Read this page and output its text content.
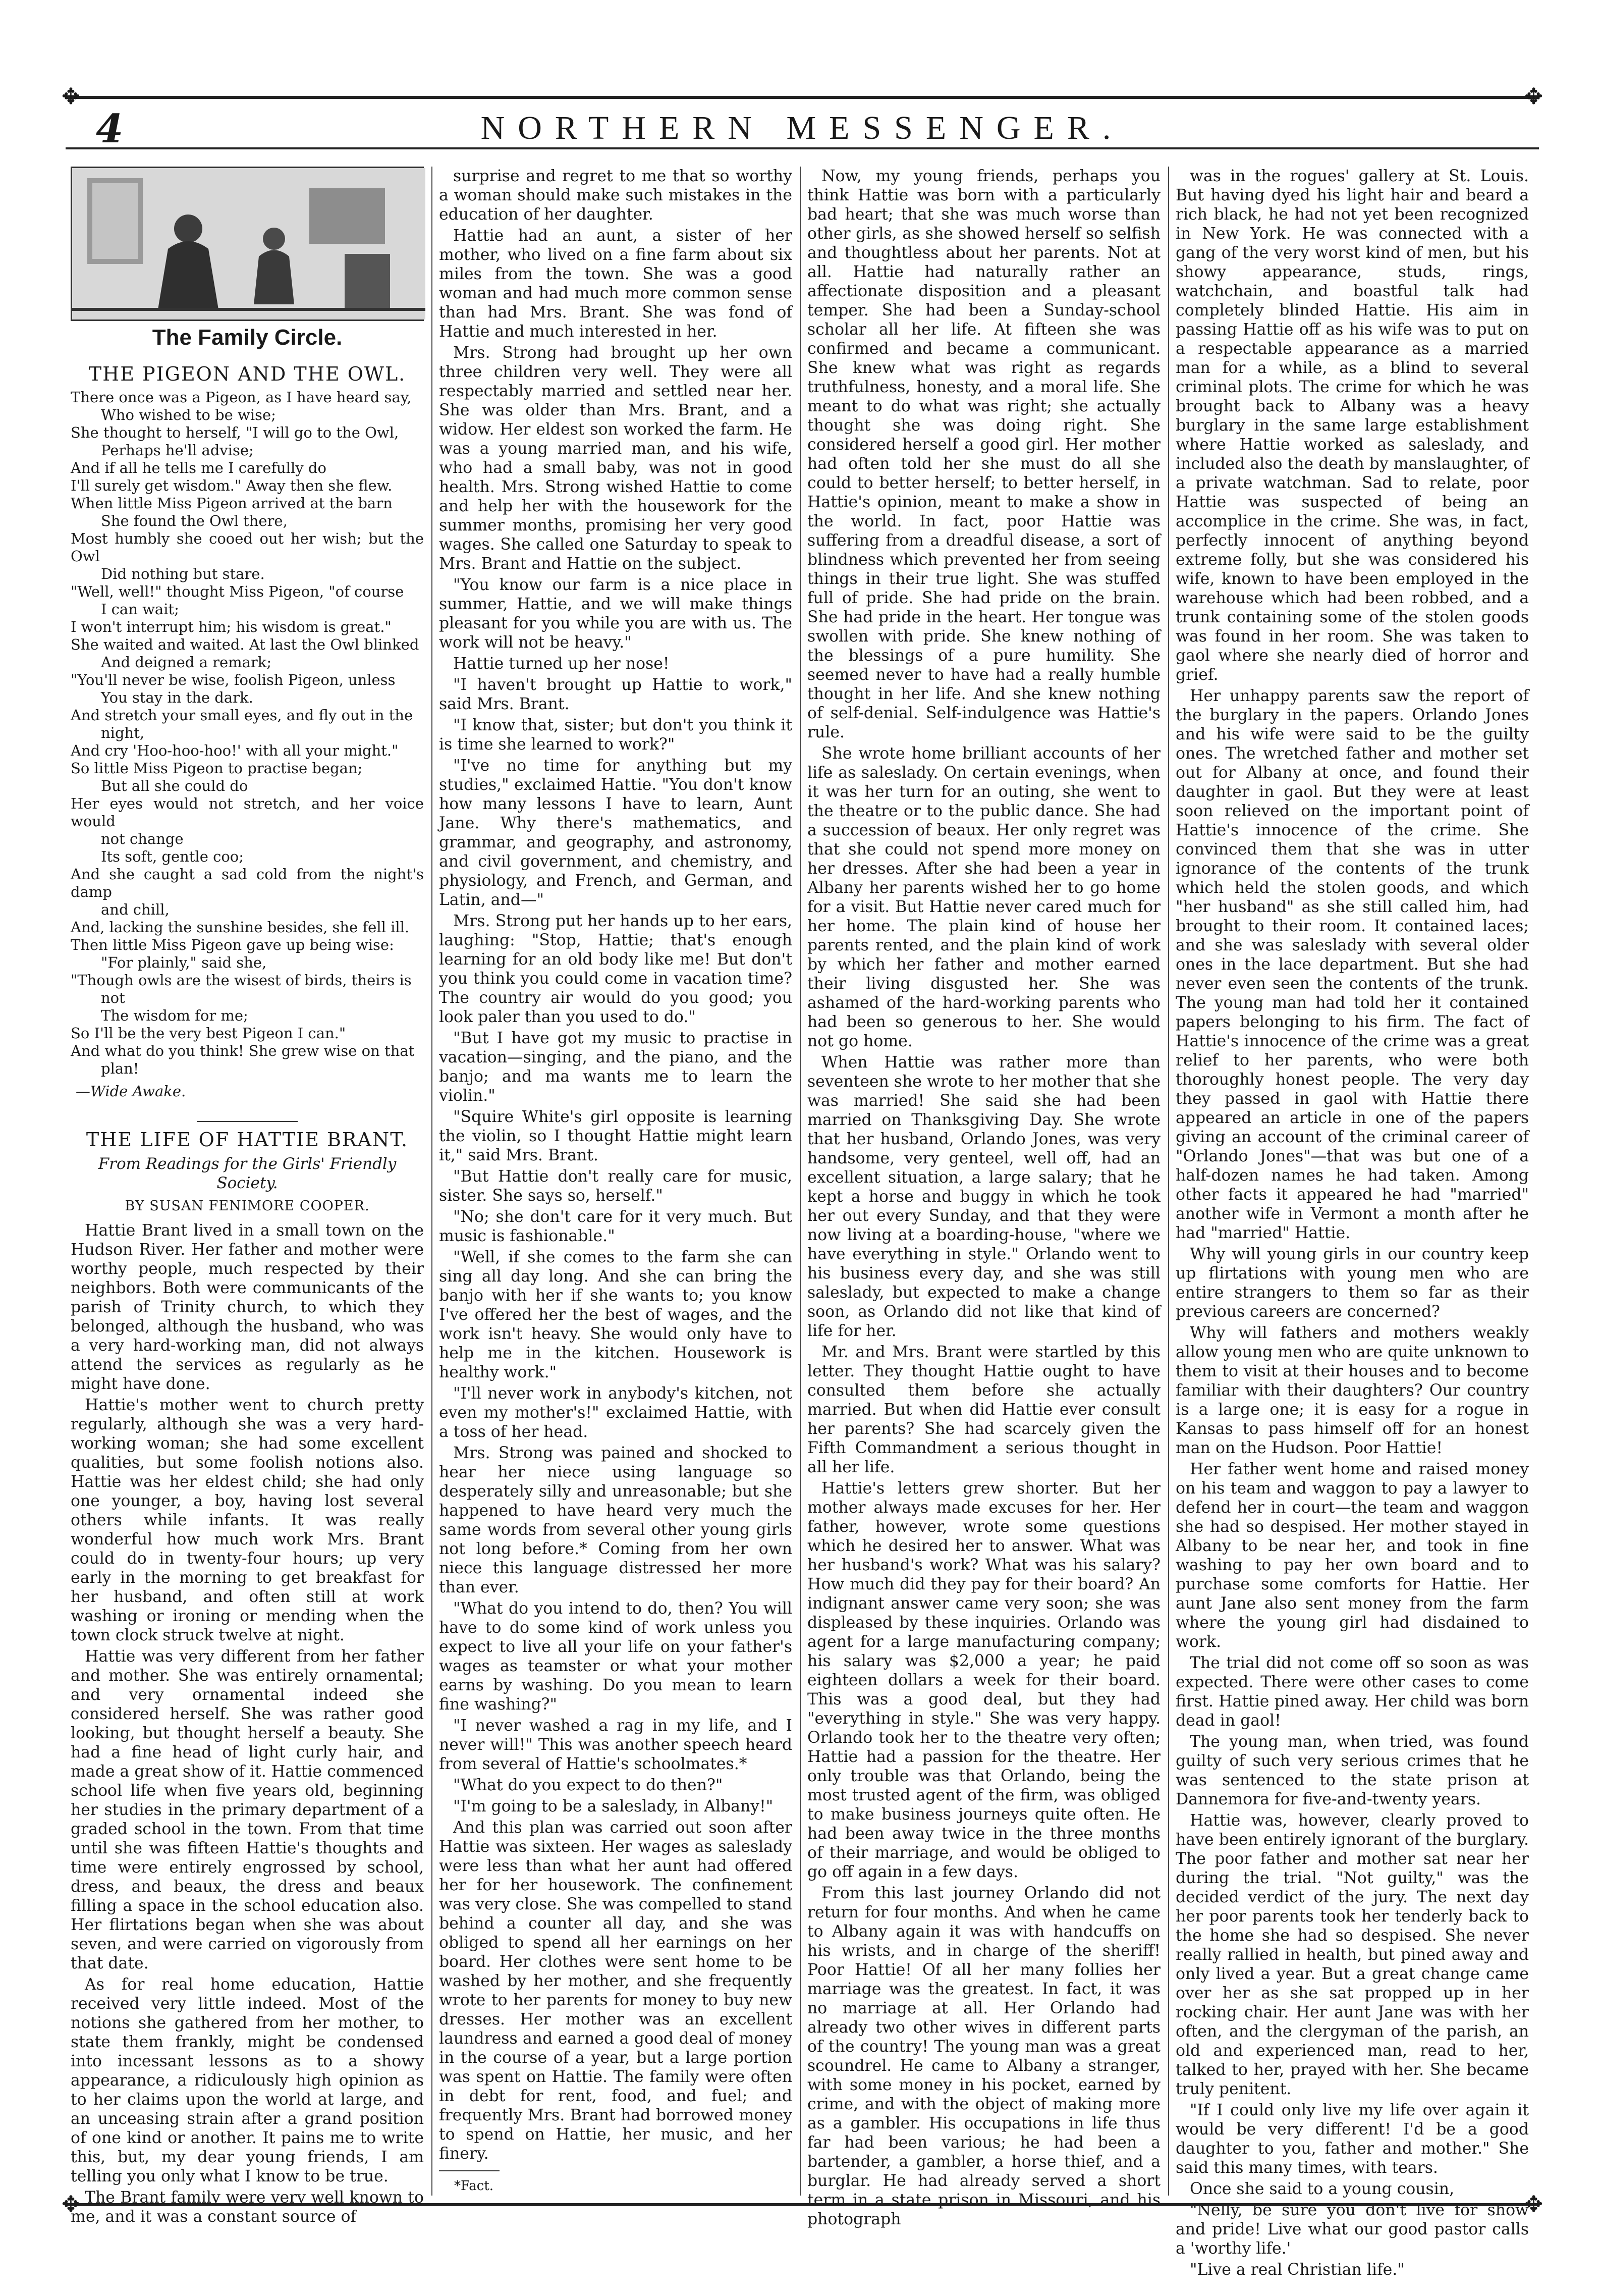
✥	✥
4	NORTHERN MESSENGER.
The Family Circle.
THE PIGEON AND THE OWL.
There once was a Pigeon, as I have heard say,
Who wished to be wise;
She thought to herself, "I will go to the Owl,
Perhaps he'll advise;
And if all he tells me I carefully do
I'll surely get wisdom." Away then she flew.
When little Miss Pigeon arrived at the barn
She found the Owl there,
Most humbly she cooed out her wish; but the Owl
Did nothing but stare.
"Well, well!" thought Miss Pigeon, "of course
I can wait;
I won't interrupt him; his wisdom is great."
She waited and waited. At last the Owl blinked
And deigned a remark;
"You'll never be wise, foolish Pigeon, unless
You stay in the dark.
And stretch your small eyes, and fly out in the
night,
And cry 'Hoo-hoo-hoo!' with all your might."
So little Miss Pigeon to practise began;
But all she could do
Her eyes would not stretch, and her voice would
not change
Its soft, gentle coo;
And she caught a sad cold from the night's damp
and chill,
And, lacking the sunshine besides, she fell ill.
Then little Miss Pigeon gave up being wise:
"For plainly," said she,
"Though owls are the wisest of birds, theirs is
not
The wisdom for me;
So I'll be the very best Pigeon I can."
And what do you think! She grew wise on that
plan!
—Wide Awake.
THE LIFE OF HATTIE BRANT.
From Readings for the Girls' Friendly Society.
BY SUSAN FENIMORE COOPER.

Hattie Brant lived in a small town on the Hudson River. Her father and mother were worthy people, much respected by their neighbors. Both were communicants of the parish of Trinity church, to which they belonged, although the husband, who was a very hard-working man, did not always attend the services as regularly as he might have done.

Hattie's mother went to church pretty regularly, although she was a very hard-working woman; she had some excellent qualities, but some foolish notions also. Hattie was her eldest child; she had only one younger, a boy, having lost several others while infants. It was really wonderful how much work Mrs. Brant could do in twenty-four hours; up very early in the morning to get breakfast for her husband, and often still at work washing or ironing or mending when the town clock struck twelve at night.

Hattie was very different from her father and mother. She was entirely ornamental; and very ornamental indeed she considered herself. She was rather good looking, but thought herself a beauty. She had a fine head of light curly hair, and made a great show of it. Hattie commenced school life when five years old, beginning her studies in the primary department of a graded school in the town. From that time until she was fifteen Hattie's thoughts and time were entirely engrossed by school, dress, and beaux, the dress and beaux filling a space in the school education also. Her flirtations began when she was about seven, and were carried on vigorously from that date.

As for real home education, Hattie received very little indeed. Most of the notions she gathered from her mother, to state them frankly, might be condensed into incessant lessons as to a showy appearance, a ridiculously high opinion as to her claims upon the world at large, and an unceasing strain after a grand position of one kind or another. It pains me to write this, but, my dear young friends, I am telling you only what I know to be true.

The Brant family were very well known to me, and it was a constant source of

surprise and regret to me that so worthy a woman should make such mistakes in the education of her daughter.

Hattie had an aunt, a sister of her mother, who lived on a fine farm about six miles from the town. She was a good woman and had much more common sense than had Mrs. Brant. She was fond of Hattie and much interested in her.

Mrs. Strong had brought up her own three children very well. They were all respectably married and settled near her. She was older than Mrs. Brant, and a widow. Her eldest son worked the farm. He was a young married man, and his wife, who had a small baby, was not in good health. Mrs. Strong wished Hattie to come and help her with the housework for the summer months, promising her very good wages. She called one Saturday to speak to Mrs. Brant and Hattie on the subject.

"You know our farm is a nice place in summer, Hattie, and we will make things pleasant for you while you are with us. The work will not be heavy."

Hattie turned up her nose!

"I haven't brought up Hattie to work," said Mrs. Brant.

"I know that, sister; but don't you think it is time she learned to work?"

"I've no time for anything but my studies," exclaimed Hattie. "You don't know how many lessons I have to learn, Aunt Jane. Why there's mathematics, and grammar, and geography, and astronomy, and civil government, and chemistry, and physiology, and French, and German, and Latin, and—"

Mrs. Strong put her hands up to her ears, laughing: "Stop, Hattie; that's enough learning for an old body like me! But don't you think you could come in vacation time? The country air would do you good; you look paler than you used to do."

"But I have got my music to practise in vacation—singing, and the piano, and the banjo; and ma wants me to learn the violin."

"Squire White's girl opposite is learning the violin, so I thought Hattie might learn it," said Mrs. Brant.

"But Hattie don't really care for music, sister. She says so, herself."

"No; she don't care for it very much. But music is fashionable."

"Well, if she comes to the farm she can sing all day long. And she can bring the banjo with her if she wants to; you know I've offered her the best of wages, and the work isn't heavy. She would only have to help me in the kitchen. Housework is healthy work."

"I'll never work in anybody's kitchen, not even my mother's!" exclaimed Hattie, with a toss of her head.

Mrs. Strong was pained and shocked to hear her niece using language so desperately silly and unreasonable; but she happened to have heard very much the same words from several other young girls not long before.* Coming from her own niece this language distressed her more than ever.

"What do you intend to do, then? You will have to do some kind of work unless you expect to live all your life on your father's wages as teamster or what your mother earns by washing. Do you mean to learn fine washing?"

"I never washed a rag in my life, and I never will!" This was another speech heard from several of Hattie's schoolmates.*

"What do you expect to do then?"

"I'm going to be a saleslady, in Albany!"

And this plan was carried out soon after Hattie was sixteen. Her wages as saleslady were less than what her aunt had offered her for her housework. The confinement was very close. She was compelled to stand behind a counter all day, and she was obliged to spend all her earnings on her board. Her clothes were sent home to be washed by her mother, and she frequently wrote to her parents for money to buy new dresses. Her mother was an excellent laundress and earned a good deal of money in the course of a year, but a large portion was spent on Hattie. The family were often in debt for rent, food, and fuel; and frequently Mrs. Brant had borrowed money to spend on Hattie, her music, and her finery.

*Fact.

Now, my young friends, perhaps you think Hattie was born with a particularly bad heart; that she was much worse than other girls, as she showed herself so selfish and thoughtless about her parents. Not at all. Hattie had naturally rather an affectionate disposition and a pleasant temper. She had been a Sunday-school scholar all her life. At fifteen she was confirmed and became a communicant. She knew what was right as regards truthfulness, honesty, and a moral life. She meant to do what was right; she actually thought she was doing right. She considered herself a good girl. Her mother had often told her she must do all she could to better herself; to better herself, in Hattie's opinion, meant to make a show in the world. In fact, poor Hattie was suffering from a dreadful disease, a sort of blindness which prevented her from seeing things in their true light. She was stuffed full of pride. She had pride on the brain. She had pride in the heart. Her tongue was swollen with pride. She knew nothing of the blessings of a pure humility. She seemed never to have had a really humble thought in her life. And she knew nothing of self-denial. Self-indulgence was Hattie's rule.

She wrote home brilliant accounts of her life as saleslady. On certain evenings, when it was her turn for an outing, she went to the theatre or to the public dance. She had a succession of beaux. Her only regret was that she could not spend more money on her dresses. After she had been a year in Albany her parents wished her to go home for a visit. But Hattie never cared much for her home. The plain kind of house her parents rented, and the plain kind of work by which her father and mother earned their living disgusted her. She was ashamed of the hard-working parents who had been so generous to her. She would not go home.

When Hattie was rather more than seventeen she wrote to her mother that she was married! She said she had been married on Thanksgiving Day. She wrote that her husband, Orlando Jones, was very handsome, very genteel, well off, had an excellent situation, a large salary; that he kept a horse and buggy in which he took her out every Sunday, and that they were now living at a boarding-house, "where we have everything in style." Orlando went to his business every day, and she was still saleslady, but expected to make a change soon, as Orlando did not like that kind of life for her.

Mr. and Mrs. Brant were startled by this letter. They thought Hattie ought to have consulted them before she actually married. But when did Hattie ever consult her parents? She had scarcely given the Fifth Commandment a serious thought in all her life.

Hattie's letters grew shorter. But her mother always made excuses for her. Her father, however, wrote some questions which he desired her to answer. What was her husband's work? What was his salary? How much did they pay for their board? An indignant answer came very soon; she was displeased by these inquiries. Orlando was agent for a large manufacturing company; his salary was $2,000 a year; he paid eighteen dollars a week for their board. This was a good deal, but they had "everything in style." She was very happy. Orlando took her to the theatre very often; Hattie had a passion for the theatre. Her only trouble was that Orlando, being the most trusted agent of the firm, was obliged to make business journeys quite often. He had been away twice in the three months of their marriage, and would be obliged to go off again in a few days.

From this last journey Orlando did not return for four months. And when he came to Albany again it was with handcuffs on his wrists, and in charge of the sheriff! Poor Hattie! Of all her many follies her marriage was the greatest. In fact, it was no marriage at all. Her Orlando had already two other wives in different parts of the country! The young man was a great scoundrel. He came to Albany a stranger, with some money in his pocket, earned by crime, and with the object of making more as a gambler. His occupations in life thus far had been various; he had been a bartender, a gambler, a horse thief, and a burglar. He had already served a short term in a state prison in Missouri, and his photograph

was in the rogues' gallery at St. Louis. But having dyed his light hair and beard a rich black, he had not yet been recognized in New York. He was connected with a gang of the very worst kind of men, but his showy appearance, studs, rings, watchchain, and boastful talk had completely blinded Hattie. His aim in passing Hattie off as his wife was to put on a respectable appearance as a married man for a while, as a blind to several criminal plots. The crime for which he was brought back to Albany was a heavy burglary in the same large establishment where Hattie worked as saleslady, and included also the death by manslaughter, of a private watchman. Sad to relate, poor Hattie was suspected of being an accomplice in the crime. She was, in fact, perfectly innocent of anything beyond extreme folly, but she was considered his wife, known to have been employed in the warehouse which had been robbed, and a trunk containing some of the stolen goods was found in her room. She was taken to gaol where she nearly died of horror and grief.

Her unhappy parents saw the report of the burglary in the papers. Orlando Jones and his wife were said to be the guilty ones. The wretched father and mother set out for Albany at once, and found their daughter in gaol. But they were at least soon relieved on the important point of Hattie's innocence of the crime. She convinced them that she was in utter ignorance of the contents of the trunk which held the stolen goods, and which "her husband" as she still called him, had brought to their room. It contained laces; and she was saleslady with several older ones in the lace department. But she had never even seen the contents of the trunk. The young man had told her it contained papers belonging to his firm. The fact of Hattie's innocence of the crime was a great relief to her parents, who were both thoroughly honest people. The very day they passed in gaol with Hattie there appeared an article in one of the papers giving an account of the criminal career of "Orlando Jones"—that was but one of a half-dozen names he had taken. Among other facts it appeared he had "married" another wife in Vermont a month after he had "married" Hattie.

Why will young girls in our country keep up flirtations with young men who are entire strangers to them so far as their previous careers are concerned?

Why will fathers and mothers weakly allow young men who are quite unknown to them to visit at their houses and to become familiar with their daughters? Our country is a large one; it is easy for a rogue in Kansas to pass himself off for an honest man on the Hudson. Poor Hattie!

Her father went home and raised money on his team and waggon to pay a lawyer to defend her in court—the team and waggon she had so despised. Her mother stayed in Albany to be near her, and took in fine washing to pay her own board and to purchase some comforts for Hattie. Her aunt Jane also sent money from the farm where the young girl had disdained to work.

The trial did not come off so soon as was expected. There were other cases to come first. Hattie pined away. Her child was born dead in gaol!

The young man, when tried, was found guilty of such very serious crimes that he was sentenced to the state prison at Dannemora for five-and-twenty years.

Hattie was, however, clearly proved to have been entirely ignorant of the burglary. The poor father and mother sat near her during the trial. "Not guilty," was the decided verdict of the jury. The next day her poor parents took her tenderly back to the home she had so despised. She never really rallied in health, but pined away and only lived a year. But a great change came over her as she sat propped up in her rocking chair. Her aunt Jane was with her often, and the clergyman of the parish, an old and experienced man, read to her, talked to her, prayed with her. She became truly penitent.

"If I could only live my life over again it would be very different! I'd be a good daughter to you, father and mother." She said this many times, with tears.

Once she said to a young cousin,

"Nelly, be sure you don't live for show and pride! Live what our good pastor calls a 'worthy life.'

"Live a real Christian life."

✥	✥
